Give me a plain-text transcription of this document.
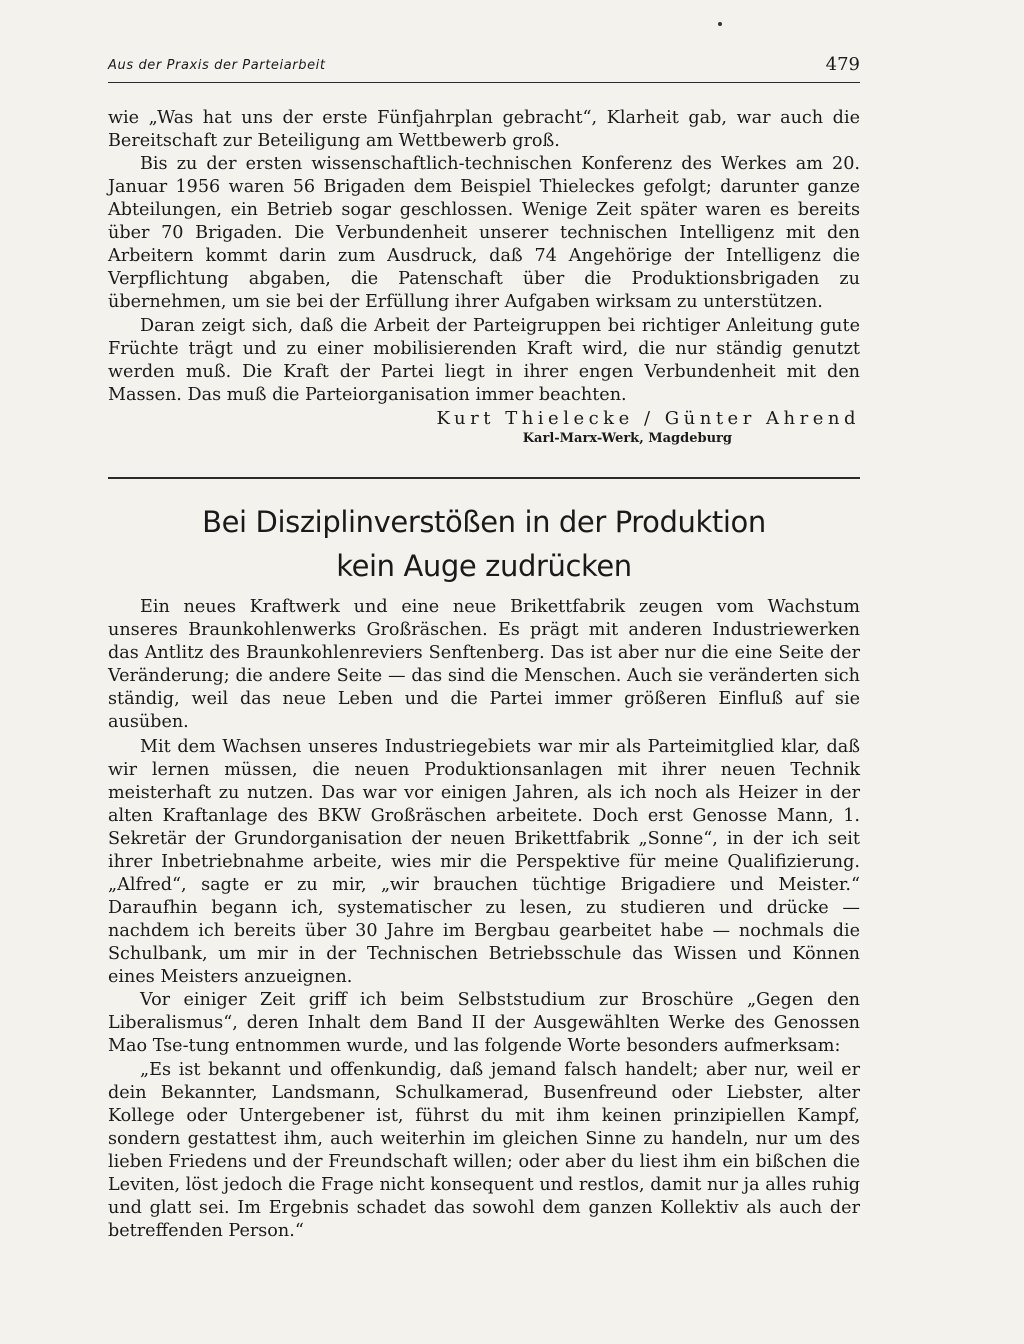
Aus der Praxis der Parteiarbeit	479

wie „Was hat uns der erste Fünfjahrplan gebracht“, Klarheit gab, war auch die Bereitschaft zur Beteiligung am Wettbewerb groß.

Bis zu der ersten wissenschaftlich-technischen Konferenz des Werkes am 20. Januar 1956 waren 56 Brigaden dem Beispiel Thieleckes gefolgt; darunter ganze Abteilungen, ein Betrieb sogar geschlossen. Wenige Zeit später waren es bereits über 70 Brigaden. Die Verbundenheit unserer technischen Intelligenz mit den Arbeitern kommt darin zum Ausdruck, daß 74 Angehörige der Intelligenz die Verpflichtung abgaben, die Patenschaft über die Produktionsbrigaden zu übernehmen, um sie bei der Erfüllung ihrer Aufgaben wirksam zu unterstützen.

Daran zeigt sich, daß die Arbeit der Parteigruppen bei richtiger Anleitung gute Früchte trägt und zu einer mobilisierenden Kraft wird, die nur ständig genutzt werden muß. Die Kraft der Partei liegt in ihrer engen Verbundenheit mit den Massen. Das muß die Parteiorganisation immer beachten.

Kurt Thielecke / Günter Ahrend
Karl-Marx-Werk, Magdeburg
Bei Disziplinverstößen in der Produktion
kein Auge zudrücken

Ein neues Kraftwerk und eine neue Brikettfabrik zeugen vom Wachstum unseres Braunkohlenwerks Großräschen. Es prägt mit anderen Industriewerken das Antlitz des Braunkohlenreviers Senftenberg. Das ist aber nur die eine Seite der Veränderung; die andere Seite — das sind die Menschen. Auch sie veränderten sich ständig, weil das neue Leben und die Partei immer größeren Einfluß auf sie ausüben.

Mit dem Wachsen unseres Industriegebiets war mir als Parteimitglied klar, daß wir lernen müssen, die neuen Produktionsanlagen mit ihrer neuen Technik meisterhaft zu nutzen. Das war vor einigen Jahren, als ich noch als Heizer in der alten Kraftanlage des BKW Großräschen arbeitete. Doch erst Genosse Mann, 1. Sekretär der Grundorganisation der neuen Brikettfabrik „Sonne“, in der ich seit ihrer Inbetriebnahme arbeite, wies mir die Perspektive für meine Qualifizierung. „Alfred“, sagte er zu mir, „wir brauchen tüchtige Brigadiere und Meister.“ Daraufhin begann ich, systematischer zu lesen, zu studieren und drücke — nachdem ich bereits über 30 Jahre im Bergbau gearbeitet habe — nochmals die Schulbank, um mir in der Technischen Betriebsschule das Wissen und Können eines Meisters anzueignen.

Vor einiger Zeit griff ich beim Selbststudium zur Broschüre „Gegen den Liberalismus“, deren Inhalt dem Band II der Ausgewählten Werke des Genossen Mao Tse-tung entnommen wurde, und las folgende Worte besonders aufmerksam:

„Es ist bekannt und offenkundig, daß jemand falsch handelt; aber nur, weil er dein Bekannter, Landsmann, Schulkamerad, Busenfreund oder Liebster, alter Kollege oder Untergebener ist, führst du mit ihm keinen prinzipiellen Kampf, sondern gestattest ihm, auch weiterhin im gleichen Sinne zu handeln, nur um des lieben Friedens und der Freundschaft willen; oder aber du liest ihm ein bißchen die Leviten, löst jedoch die Frage nicht konsequent und restlos, damit nur ja alles ruhig und glatt sei. Im Ergebnis schadet das sowohl dem ganzen Kollektiv als auch der betreffenden Person.“
